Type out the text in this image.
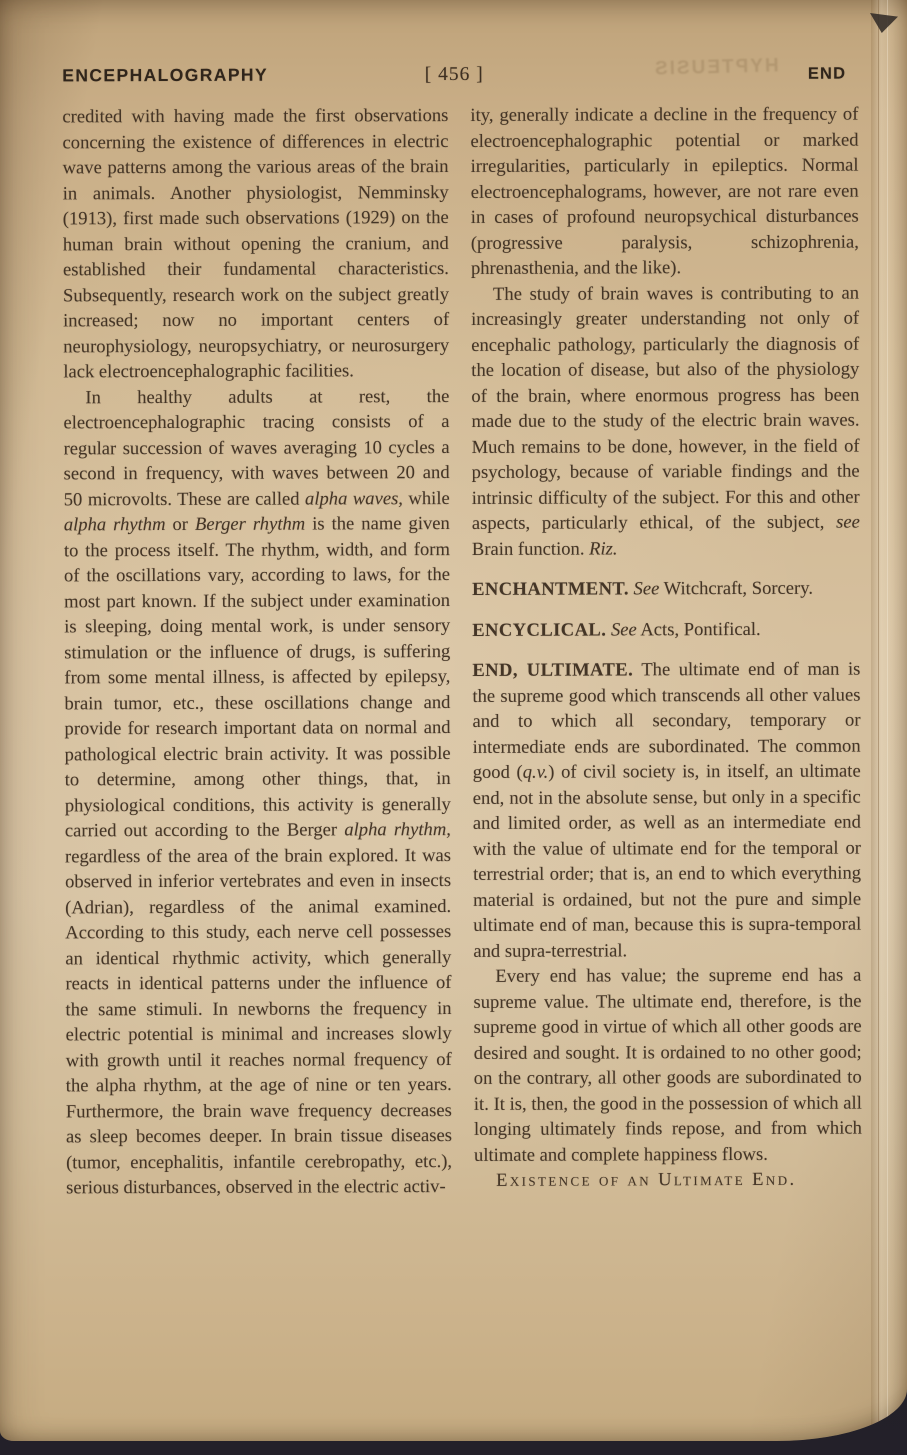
HYPTEUSIS
ENCEPHALOGRAPHY	[ 456 ]	END

credited with having made the first observations concerning the existence of differences in electric wave patterns among the various areas of the brain in animals. Another physiologist, Nemminsky (1913), first made such observations (1929) on the human brain without opening the cranium, and established their fundamental characteristics. Subsequently, research work on the subject greatly increased; now no important centers of neurophysiology, neuropsychiatry, or neurosurgery lack electroencephalographic facilities.

In healthy adults at rest, the electroencephalographic tracing consists of a regular succession of waves averaging 10 cycles a second in frequency, with waves between 20 and 50 microvolts. These are called alpha waves, while alpha rhythm or Berger rhythm is the name given to the process itself. The rhythm, width, and form of the oscillations vary, according to laws, for the most part known. If the subject under examination is sleeping, doing mental work, is under sensory stimulation or the influence of drugs, is suffering from some mental illness, is affected by epilepsy, brain tumor, etc., these oscillations change and provide for research important data on normal and pathological electric brain activity. It was possible to determine, among other things, that, in physiological conditions, this activity is generally carried out according to the Berger alpha rhythm, regardless of the area of the brain explored. It was observed in inferior vertebrates and even in insects (Adrian), regardless of the animal examined. According to this study, each nerve cell possesses an identical rhythmic activity, which generally reacts in identical patterns under the influence of the same stimuli. In newborns the frequency in electric potential is minimal and increases slowly with growth until it reaches normal frequency of the alpha rhythm, at the age of nine or ten years. Furthermore, the brain wave frequency decreases as sleep becomes deeper. In brain tissue diseases (tumor, encephalitis, infantile cerebropathy, etc.), serious disturbances, observed in the electric activ-

ity, generally indicate a decline in the frequency of electroencephalographic potential or marked irregularities, particularly in epileptics. Normal electroencephalograms, however, are not rare even in cases of profound neuropsychical disturbances (progressive paralysis, schizophrenia, phrenasthenia, and the like).

The study of brain waves is contributing to an increasingly greater understanding not only of encephalic pathology, particularly the diagnosis of the location of disease, but also of the physiology of the brain, where enormous progress has been made due to the study of the electric brain waves. Much remains to be done, however, in the field of psychology, because of variable findings and the intrinsic difficulty of the subject. For this and other aspects, particularly ethical, of the subject, see Brain function. Riz.

ENCHANTMENT. See Witchcraft, Sorcery.

ENCYCLICAL. See Acts, Pontifical.

END, ULTIMATE. The ultimate end of man is the supreme good which transcends all other values and to which all secondary, temporary or intermediate ends are subordinated. The common good (q.v.) of civil society is, in itself, an ultimate end, not in the absolute sense, but only in a specific and limited order, as well as an intermediate end with the value of ultimate end for the temporal or terrestrial order; that is, an end to which everything material is ordained, but not the pure and simple ultimate end of man, because this is supra-temporal and supra-terrestrial.

Every end has value; the supreme end has a supreme value. The ultimate end, therefore, is the supreme good in virtue of which all other goods are desired and sought. It is ordained to no other good; on the contrary, all other goods are subordinated to it. It is, then, the good in the possession of which all longing ultimately finds repose, and from which ultimate and complete happiness flows.

Existence of an Ultimate End.
